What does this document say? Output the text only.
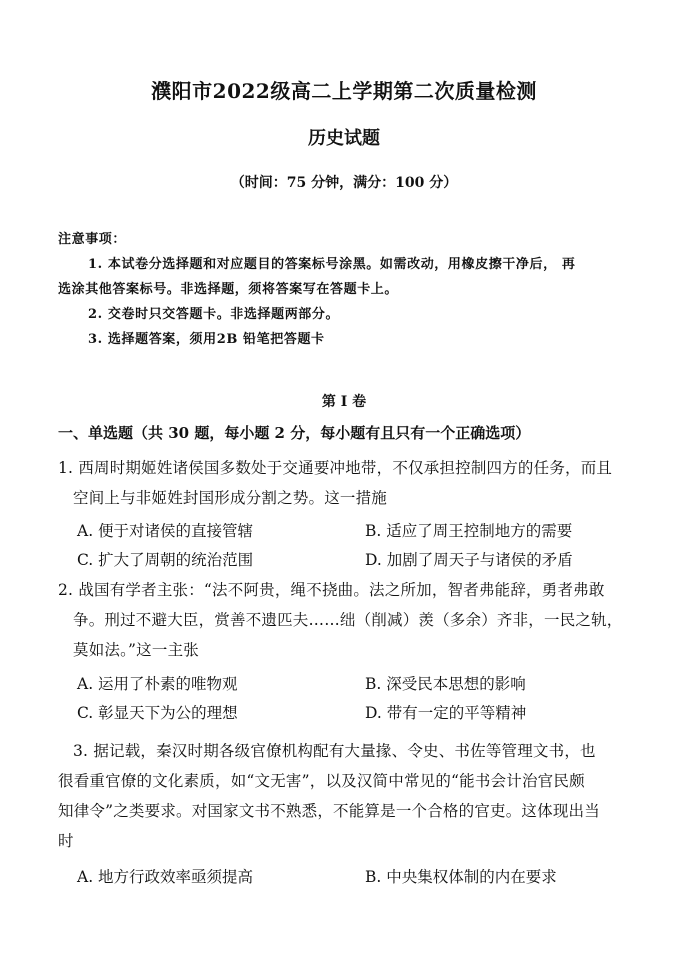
濮阳市2022级高二上学期第二次质量检测
历史试题
（时间：75 分钟，满分：100 分）
注意事项：
1. 本试卷分选择题和对应题目的答案标号涂黑。如需改动，用橡皮擦干净后， 再
选涂其他答案标号。非选择题，须将答案写在答题卡上。
2. 交卷时只交答题卡。非选择题两部分。
3. 选择题答案，须用2B 铅笔把答题卡
第 I 卷
一、单选题（共 30 题，每小题 2 分，每小题有且只有一个正确选项）
1. 西周时期姬姓诸侯国多数处于交通要冲地带，不仅承担控制四方的任务，而且
空间上与非姬姓封国形成分割之势。这一措施
A. 便于对诸侯的直接管辖	B. 适应了周王控制地方的需要
C. 扩大了周朝的统治范围	D. 加剧了周天子与诸侯的矛盾
2. 战国有学者主张：“法不阿贵，绳不挠曲。法之所加，智者弗能辞，勇者弗敢
争。刑过不避大臣，赏善不遗匹夫……绌（削减）羡（多余）齐非，一民之轨，
莫如法。”这一主张
A. 运用了朴素的唯物观	B. 深受民本思想的影响
C. 彰显天下为公的理想	D. 带有一定的平等精神
3. 据记载，秦汉时期各级官僚机构配有大量掾、令史、书佐等管理文书，也
很看重官僚的文化素质，如“文无害”，以及汉简中常见的“能书会计治官民颇
知律令”之类要求。对国家文书不熟悉，不能算是一个合格的官吏。这体现出当
时
A. 地方行政效率亟须提高	B. 中央集权体制的内在要求
